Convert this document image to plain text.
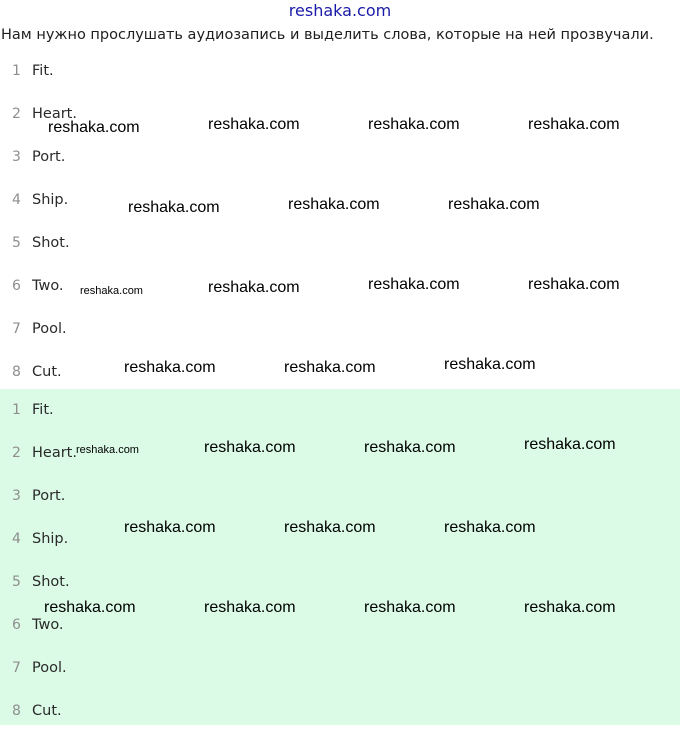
reshaka.com
Нам нужно прослушать аудиозапись и выделить слова, которые на ней прозвучали.
1 Fit.
2 Heart.
3 Port.
4 Ship.
5 Shot.
6 Two.
7 Pool.
8 Cut.
1 Fit.
2 Heart.
3 Port.
4 Ship.
5 Shot.
6 Two.
7 Pool.
8 Cut.
reshaka.com	reshaka.com	reshaka.com	reshaka.com
reshaka.com	reshaka.com	reshaka.com
reshaka.com	reshaka.com	reshaka.com	reshaka.com
reshaka.com	reshaka.com	reshaka.com
reshaka.com	reshaka.com	reshaka.com	reshaka.com
reshaka.com	reshaka.com	reshaka.com
reshaka.com	reshaka.com	reshaka.com	reshaka.com
